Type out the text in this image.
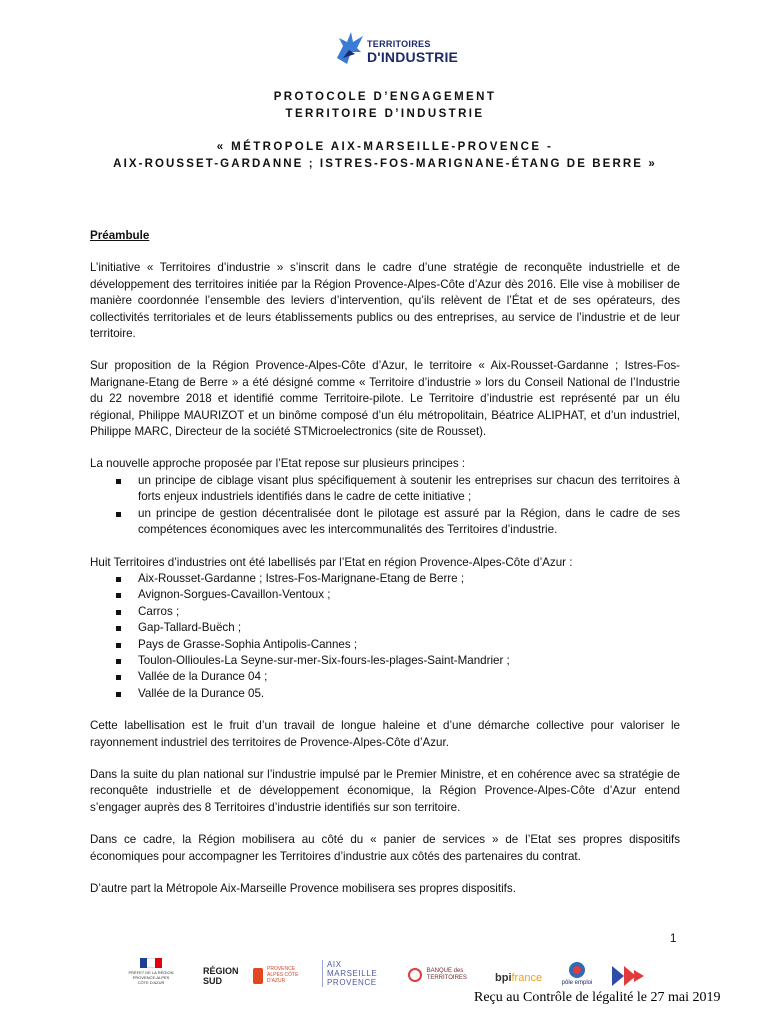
TERRITOIRES
D'INDUSTRIE
PROTOCOLE D’ENGAGEMENT
TERRITOIRE D’INDUSTRIE
« MÉTROPOLE AIX-MARSEILLE-PROVENCE -
AIX-ROUSSET-GARDANNE ; ISTRES-FOS-MARIGNANE-ÉTANG DE BERRE »
Préambule

L’initiative « Territoires d’industrie » s’inscrit dans le cadre d’une stratégie de reconquête industrielle et de développement des territoires initiée par la Région Provence-Alpes-Côte d’Azur dès 2016. Elle vise à mobiliser de manière coordonnée l’ensemble des leviers d’intervention, qu’ils relèvent de l’État et de ses opérateurs, des collectivités territoriales et de leurs établissements publics ou des entreprises, au service de l’industrie et de leur territoire.

Sur proposition de la Région Provence-Alpes-Côte d’Azur, le territoire « Aix-Rousset-Gardanne ; Istres-Fos-Marignane-Etang de Berre » a été désigné comme « Territoire d’industrie » lors du Conseil National de l’Industrie du 22 novembre 2018 et identifié comme Territoire-pilote. Le Territoire d’industrie est représenté par un élu régional, Philippe MAURIZOT et un binôme composé d’un élu métropolitain, Béatrice ALIPHAT, et d’un industriel, Philippe MARC, Directeur de la société STMicroelectronics (site de Rousset).

La nouvelle approche proposée par l’Etat repose sur plusieurs principes :

un principe de ciblage visant plus spécifiquement à soutenir les entreprises sur chacun des territoires à forts enjeux industriels identifiés dans le cadre de cette initiative ;
un principe de gestion décentralisée dont le pilotage est assuré par la Région, dans le cadre de ses compétences économiques avec les intercommunalités des Territoires d’industrie.

Huit Territoires d’industries ont été labellisés par l’Etat en région Provence-Alpes-Côte d’Azur :

Aix-Rousset-Gardanne ; Istres-Fos-Marignane-Etang de Berre ;
Avignon-Sorgues-Cavaillon-Ventoux ;
Carros ;
Gap-Tallard-Buëch ;
Pays de Grasse-Sophia Antipolis-Cannes ;
Toulon-Ollioules-La Seyne-sur-mer-Six-fours-les-plages-Saint-Mandrier ;
Vallée de la Durance 04 ;
Vallée de la Durance 05.

Cette labellisation est le fruit d’un travail de longue haleine et d’une démarche collective pour valoriser le rayonnement industriel des territoires de Provence-Alpes-Côte d’Azur.

Dans la suite du plan national sur l’industrie impulsé par le Premier Ministre, et en cohérence avec sa stratégie de reconquête industrielle et de développement économique, la Région Provence-Alpes-Côte d’Azur entend s’engager auprès des 8 Territoires d’industrie identifiés sur son territoire.

Dans ce cadre, la Région mobilisera au côté du « panier de services » de l’Etat ses propres dispositifs économiques pour accompagner les Territoires d’industrie aux côtés des partenaires du contrat.

D’autre part la Métropole Aix-Marseille Provence mobilisera ses propres dispositifs.

1
PRÉFET DE LA RÉGION PROVENCE-ALPES CÔTE D'AZUR
RÉGION
SUD
PROVENCE ALPES CÔTE D'AZUR
AIX
MARSEILLE
PROVENCE

BANQUE des
TERRITOIRES	bpifrance	pôle emploi
Reçu au Contrôle de légalité le 27 mai 2019
